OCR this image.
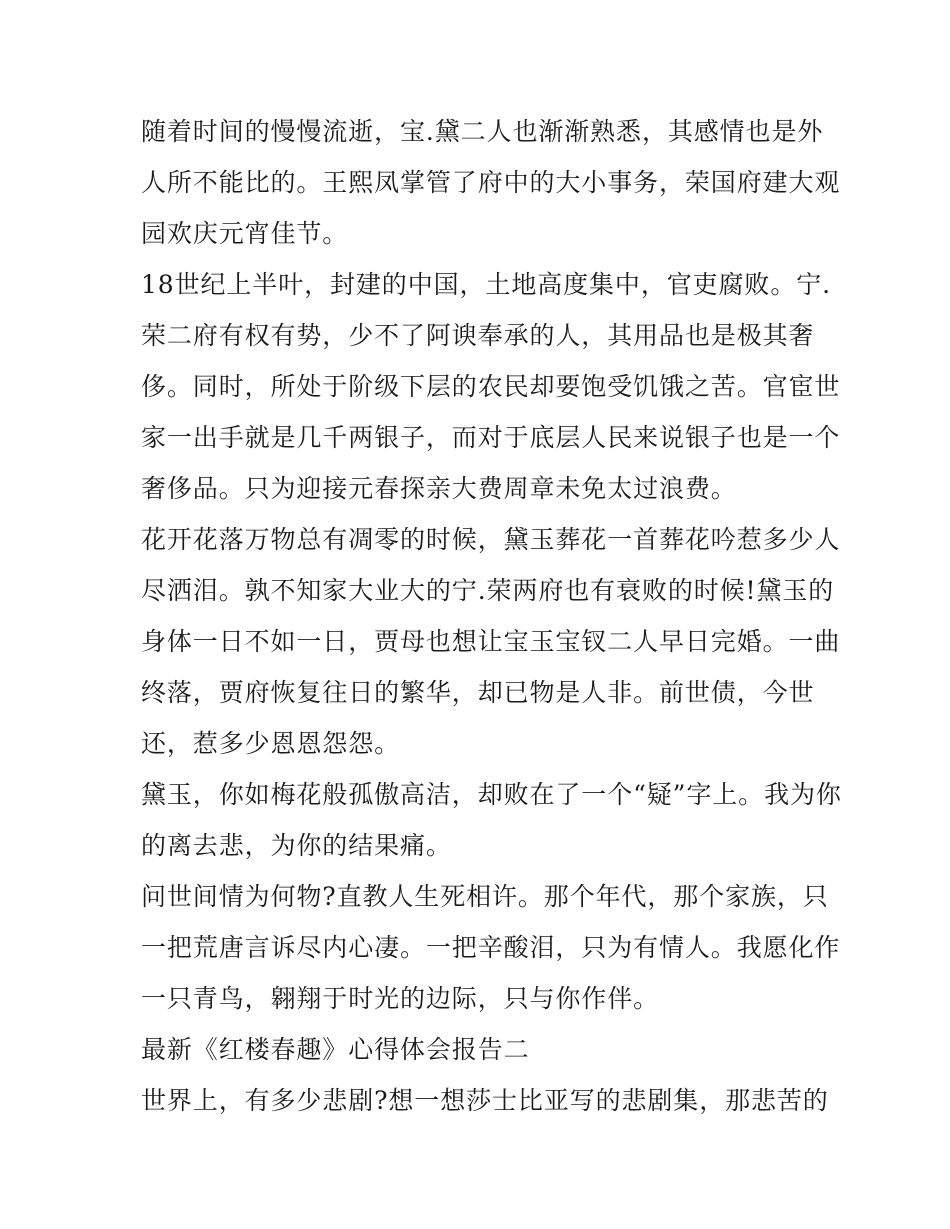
随着时间的慢慢流逝，宝.黛二人也渐渐熟悉，其感情也是外
人所不能比的。王熙凤掌管了府中的大小事务，荣国府建大观
园欢庆元宵佳节。
18世纪上半叶，封建的中国，土地高度集中，官吏腐败。宁.
荣二府有权有势，少不了阿谀奉承的人，其用品也是极其奢
侈。同时，所处于阶级下层的农民却要饱受饥饿之苦。官宦世
家一出手就是几千两银子，而对于底层人民来说银子也是一个
奢侈品。只为迎接元春探亲大费周章未免太过浪费。
花开花落万物总有凋零的时候，黛玉葬花一首葬花吟惹多少人
尽洒泪。孰不知家大业大的宁.荣两府也有衰败的时候!黛玉的
身体一日不如一日，贾母也想让宝玉宝钗二人早日完婚。一曲
终落，贾府恢复往日的繁华，却已物是人非。前世债，今世
还，惹多少恩恩怨怨。
黛玉，你如梅花般孤傲高洁，却败在了一个“疑”字上。我为你
的离去悲，为你的结果痛。
问世间情为何物?直教人生死相许。那个年代，那个家族，只
一把荒唐言诉尽内心凄。一把辛酸泪，只为有情人。我愿化作
一只青鸟，翱翔于时光的边际，只与你作伴。
最新《红楼春趣》心得体会报告二
世界上，有多少悲剧?想一想莎士比亚写的悲剧集，那悲苦的
